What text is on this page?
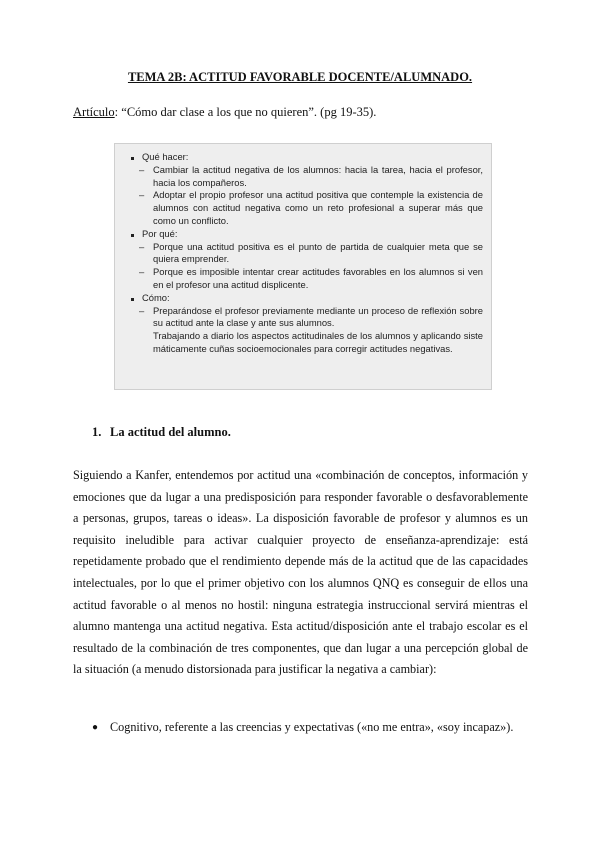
TEMA 2B: ACTITUD FAVORABLE DOCENTE/ALUMNADO.
Artículo: “Cómo dar clase a los que no quieren”. (pg 19-35).
Qué hacer:
– Cambiar la actitud negativa de los alumnos: hacia la tarea, hacia el profesor, hacia los compañeros.
– Adoptar el propio profesor una actitud positiva que contemple la existencia de alumnos con actitud negativa como un reto profesional a superar más que como un conflicto.
Por qué:
– Porque una actitud positiva es el punto de partida de cualquier meta que se quiera emprender.
– Porque es imposible intentar crear actitudes favorables en los alumnos si ven en el profesor una actitud displicente.
Cómo:
– Preparándose el profesor previamente mediante un proceso de reflexión sobre su actitud ante la clase y ante sus alumnos.
Trabajando a diario los aspectos actitudinales de los alumnos y aplicando siste máticamente cuñas socioemocionales para corregir actitudes negativas.
1. La actitud del alumno.

Siguiendo a Kanfer, entendemos por actitud una «combinación de conceptos, información y emociones que da lugar a una predisposición para responder favorable o desfavorablemente a personas, grupos, tareas o ideas». La disposición favorable de profesor y alumnos es un requisito ineludible para activar cualquier proyecto de enseñanza-aprendizaje: está repetidamente probado que el rendimiento depende más de la actitud que de las capacidades intelectuales, por lo que el primer objetivo con los alumnos QNQ es conseguir de ellos una actitud favorable o al menos no hostil: ninguna estrategia instruccional servirá mientras el alumno mantenga una actitud negativa. Esta actitud/disposición ante el trabajo escolar es el resultado de la combinación de tres componentes, que dan lugar a una percepción global de la situación (a menudo distorsionada para justificar la negativa a cambiar):

● Cognitivo, referente a las creencias y expectativas («no me entra», «soy incapaz»).
